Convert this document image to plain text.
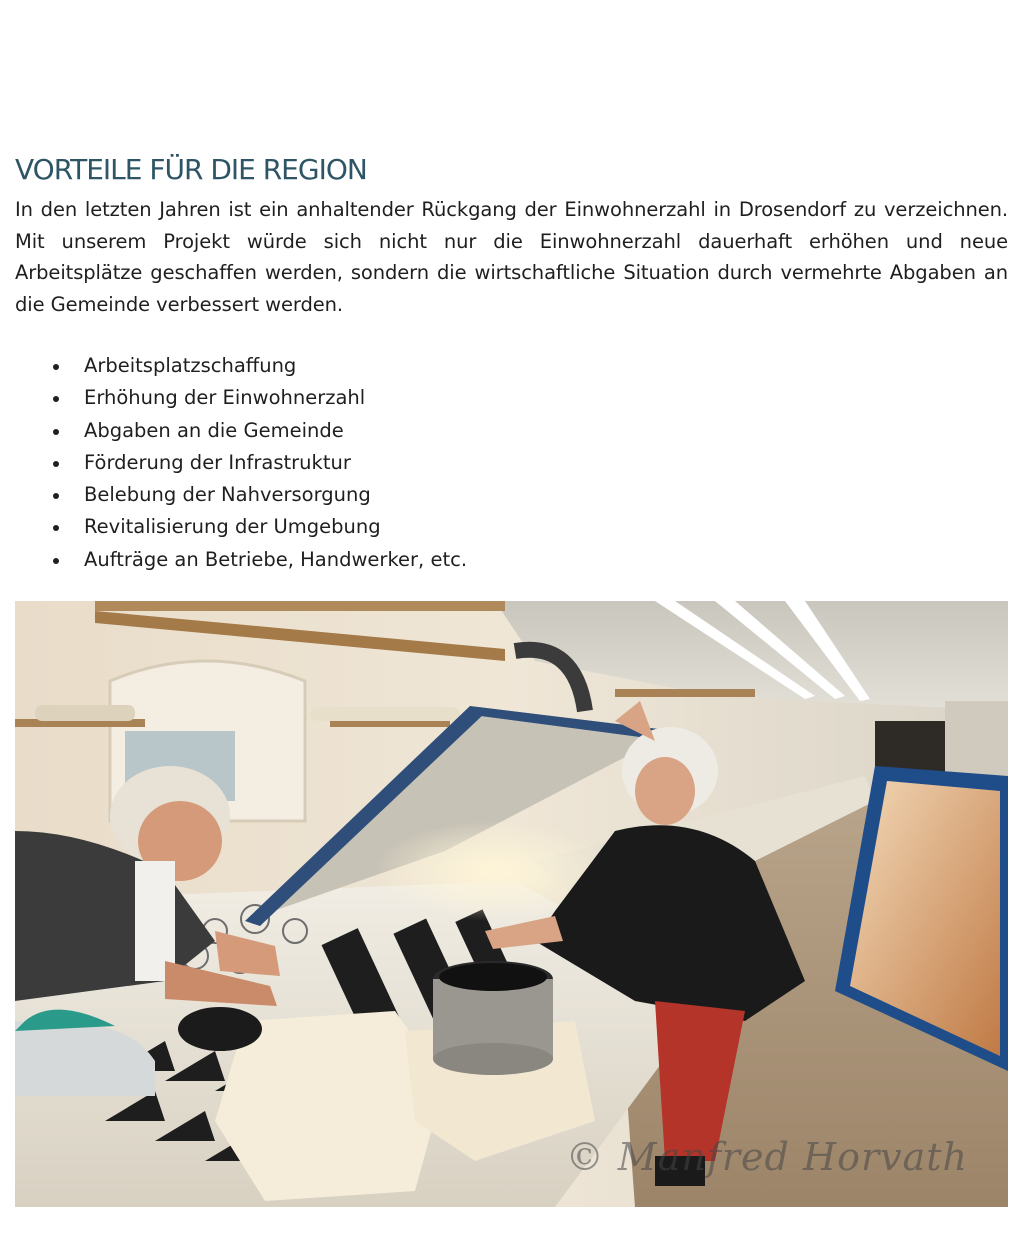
VORTEILE FÜR DIE REGION

In den letzten Jahren ist ein anhaltender Rückgang der Einwohnerzahl in Drosendorf zu verzeichnen. Mit unserem Projekt würde sich nicht nur die Einwohnerzahl dauerhaft erhöhen und neue Arbeitsplätze geschaffen werden, sondern die wirtschaftliche Situation durch vermehrte Abgaben an die Gemeinde verbessert werden.

Arbeitsplatzschaffung
Erhöhung der Einwohnerzahl
Abgaben an die Gemeinde
Förderung der Infrastruktur
Belebung der Nahversorgung
Revitalisierung der Umgebung
Aufträge an Betriebe, Handwerker, etc.
© Manfred Horvath
